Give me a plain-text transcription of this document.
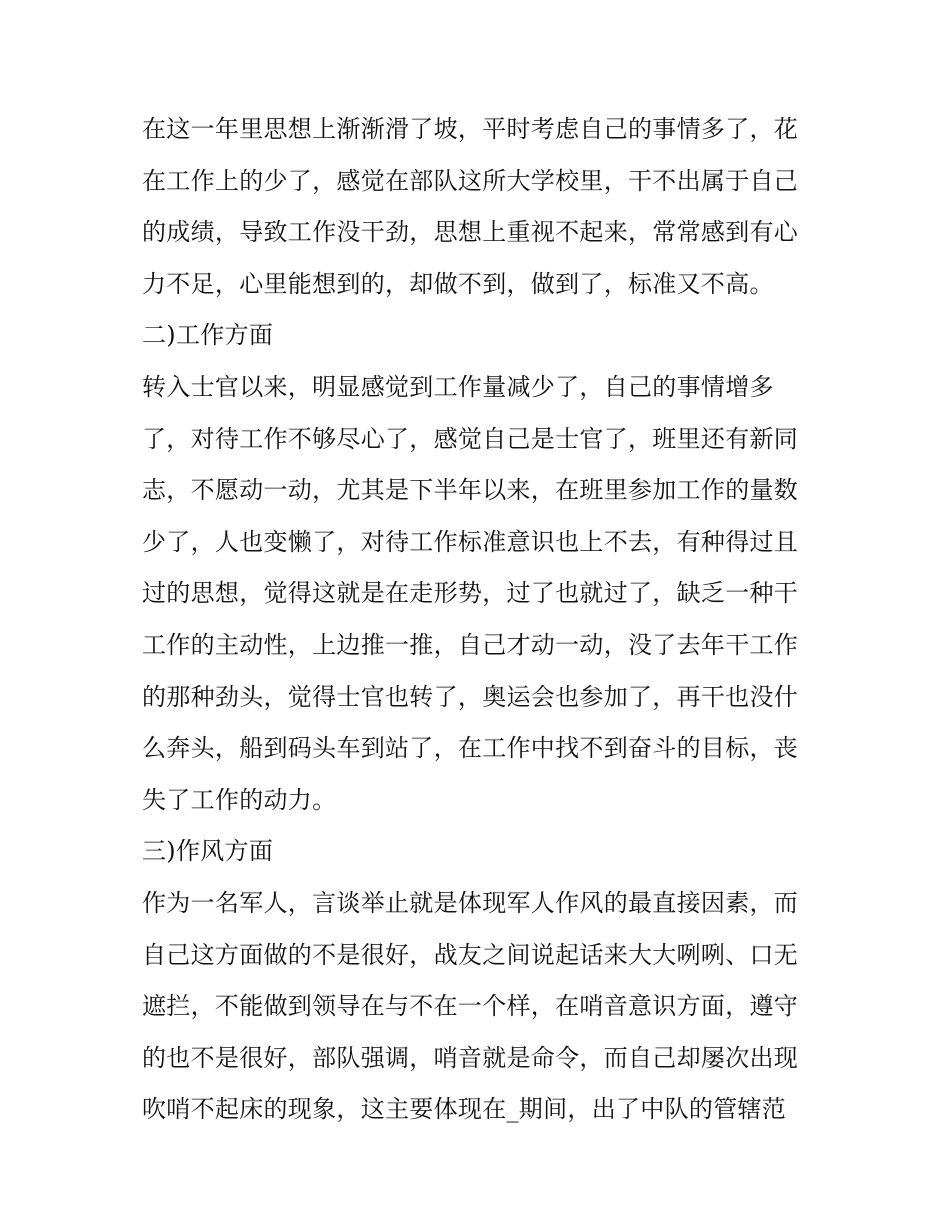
在这一年里思想上渐渐滑了坡，平时考虑自己的事情多了，花
在工作上的少了，感觉在部队这所大学校里，干不出属于自己
的成绩，导致工作没干劲，思想上重视不起来，常常感到有心
力不足，心里能想到的，却做不到，做到了，标准又不高。
二)工作方面
转入士官以来，明显感觉到工作量减少了，自己的事情增多
了，对待工作不够尽心了，感觉自己是士官了，班里还有新同
志，不愿动一动，尤其是下半年以来，在班里参加工作的量数
少了，人也变懒了，对待工作标准意识也上不去，有种得过且
过的思想，觉得这就是在走形势，过了也就过了，缺乏一种干
工作的主动性，上边推一推，自己才动一动，没了去年干工作
的那种劲头，觉得士官也转了，奥运会也参加了，再干也没什
么奔头，船到码头车到站了，在工作中找不到奋斗的目标，丧
失了工作的动力。
三)作风方面
作为一名军人，言谈举止就是体现军人作风的最直接因素，而
自己这方面做的不是很好，战友之间说起话来大大咧咧、口无
遮拦，不能做到领导在与不在一个样，在哨音意识方面，遵守
的也不是很好，部队强调，哨音就是命令，而自己却屡次出现
吹哨不起床的现象，这主要体现在_期间，出了中队的管辖范
